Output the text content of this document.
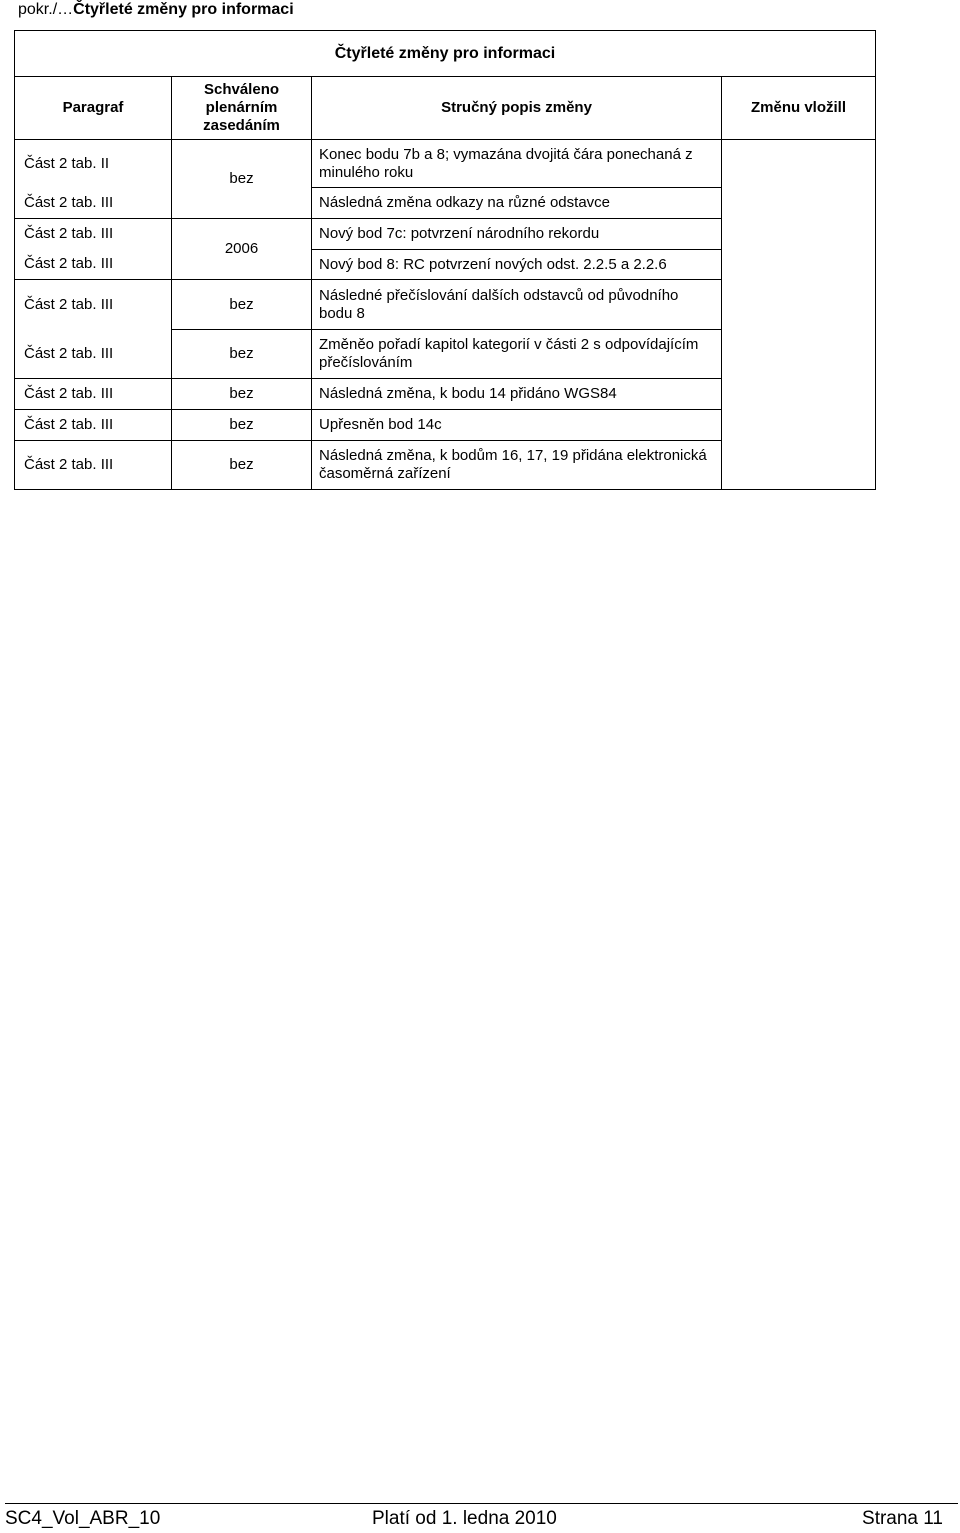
pokr./…Čtyřleté změny pro informaci
Čtyřleté změny pro informaci			
Paragraf	Schváleno plenárním zasedáním	Stručný popis změny	Změnu vložill
Část 2 tab. II	bez	Konec bodu 7b a 8; vymazána dvojitá čára ponechaná z minulého roku	
Část 2 tab. III		Následná změna odkazy na různé odstavce	
Část 2 tab. III	2006	Nový bod 7c: potvrzení národního rekordu	
Část 2 tab. III		Nový bod 8: RC potvrzení nových odst. 2.2.5 a 2.2.6	
Část 2 tab. III	bez	Následné přečíslování dalších odstavců od původního bodu 8	
Část 2 tab. III	bez	Změněo pořadí kapitol kategorií v části 2 s odpovídajícím přečíslováním	
Část 2 tab. III	bez	Následná změna, k bodu 14 přidáno WGS84	
Část 2 tab. III	bez	Upřesněn bod 14c	
Část 2 tab. III	bez	Následná změna, k bodům 16, 17, 19 přidána elektronická časoměrná zařízení	
SC4_Vol_ABR_10	Platí od 1. ledna 2010	Strana 11
